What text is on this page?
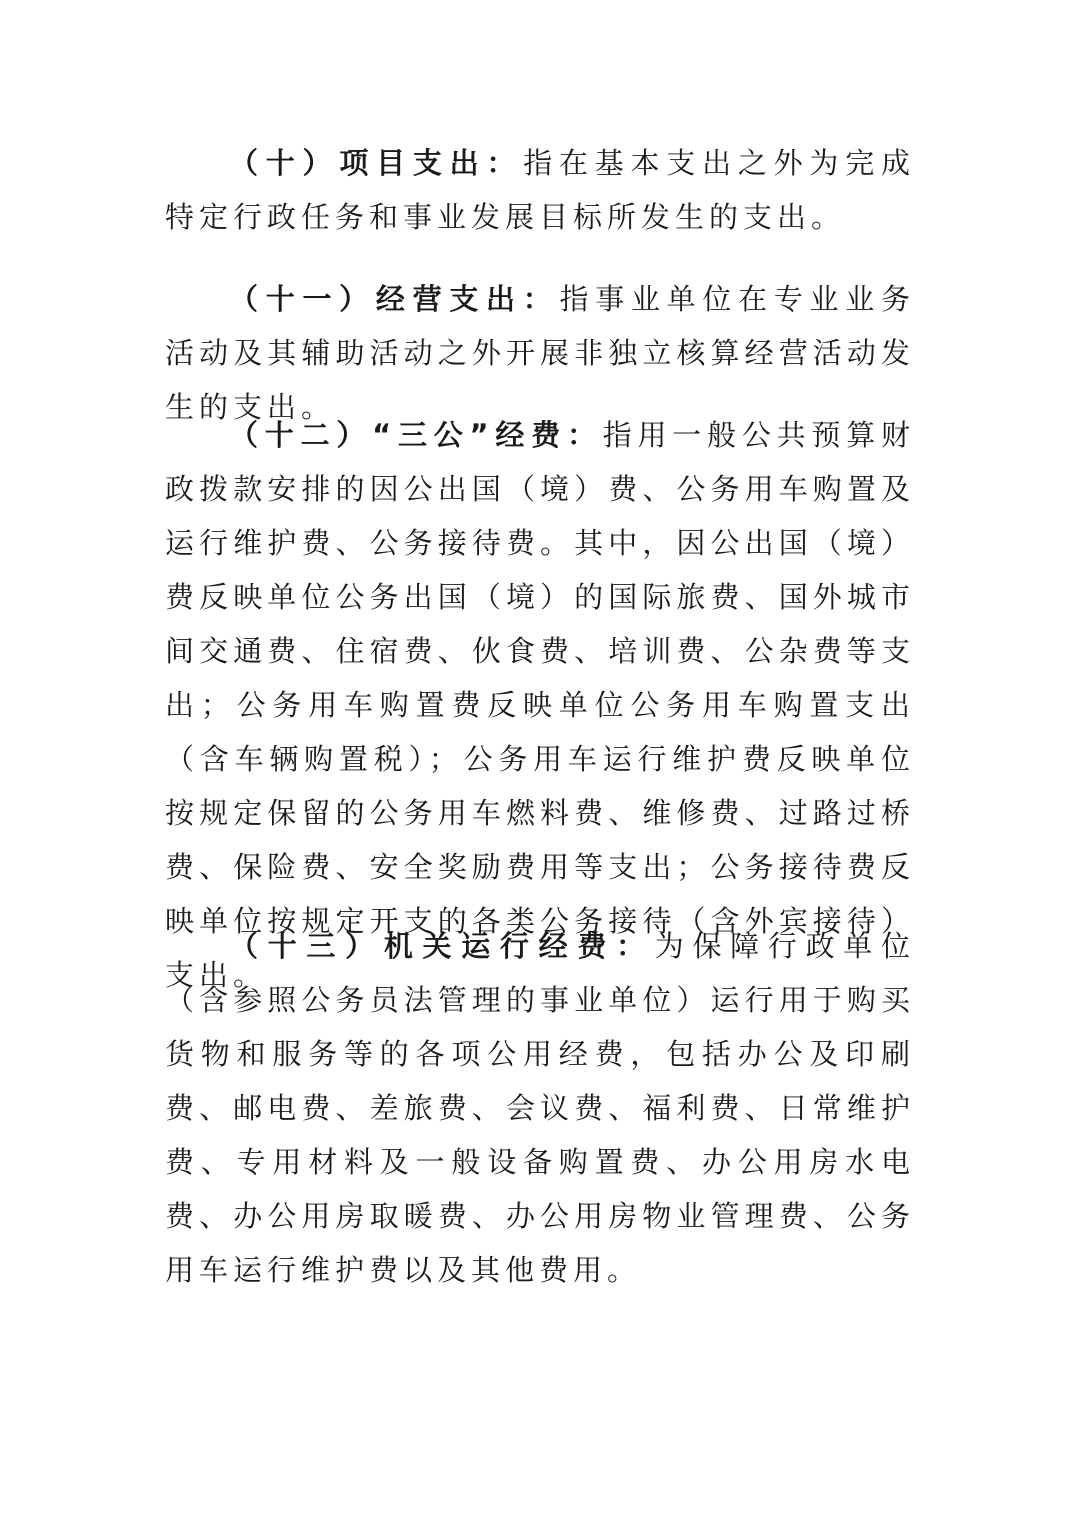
（十）项目支出：指在基本支出之外为完成特定行政任务和事业发展目标所发生的支出。

（十一）经营支出：指事业单位在专业业务活动及其辅助活动之外开展非独立核算经营活动发生的支出。

（十二）“三公”经费：指用一般公共预算财政拨款安排的因公出国（境）费、公务用车购置及运行维护费、公务接待费。其中，因公出国（境）费反映单位公务出国（境）的国际旅费、国外城市间交通费、住宿费、伙食费、培训费、公杂费等支出；公务用车购置费反映单位公务用车购置支出（含车辆购置税）；公务用车运行维护费反映单位按规定保留的公务用车燃料费、维修费、过路过桥费、保险费、安全奖励费用等支出；公务接待费反映单位按规定开支的各类公务接待（含外宾接待）支出。

（十三）机关运行经费：为保障行政单位（含参照公务员法管理的事业单位）运行用于购买货物和服务等的各项公用经费，包括办公及印刷费、邮电费、差旅费、会议费、福利费、日常维护 费、专用材料及一般设备购置费、办公用房水电费、办公用房取暖费、办公用房物业管理费、公务用车运行维护费以及其他费用。
